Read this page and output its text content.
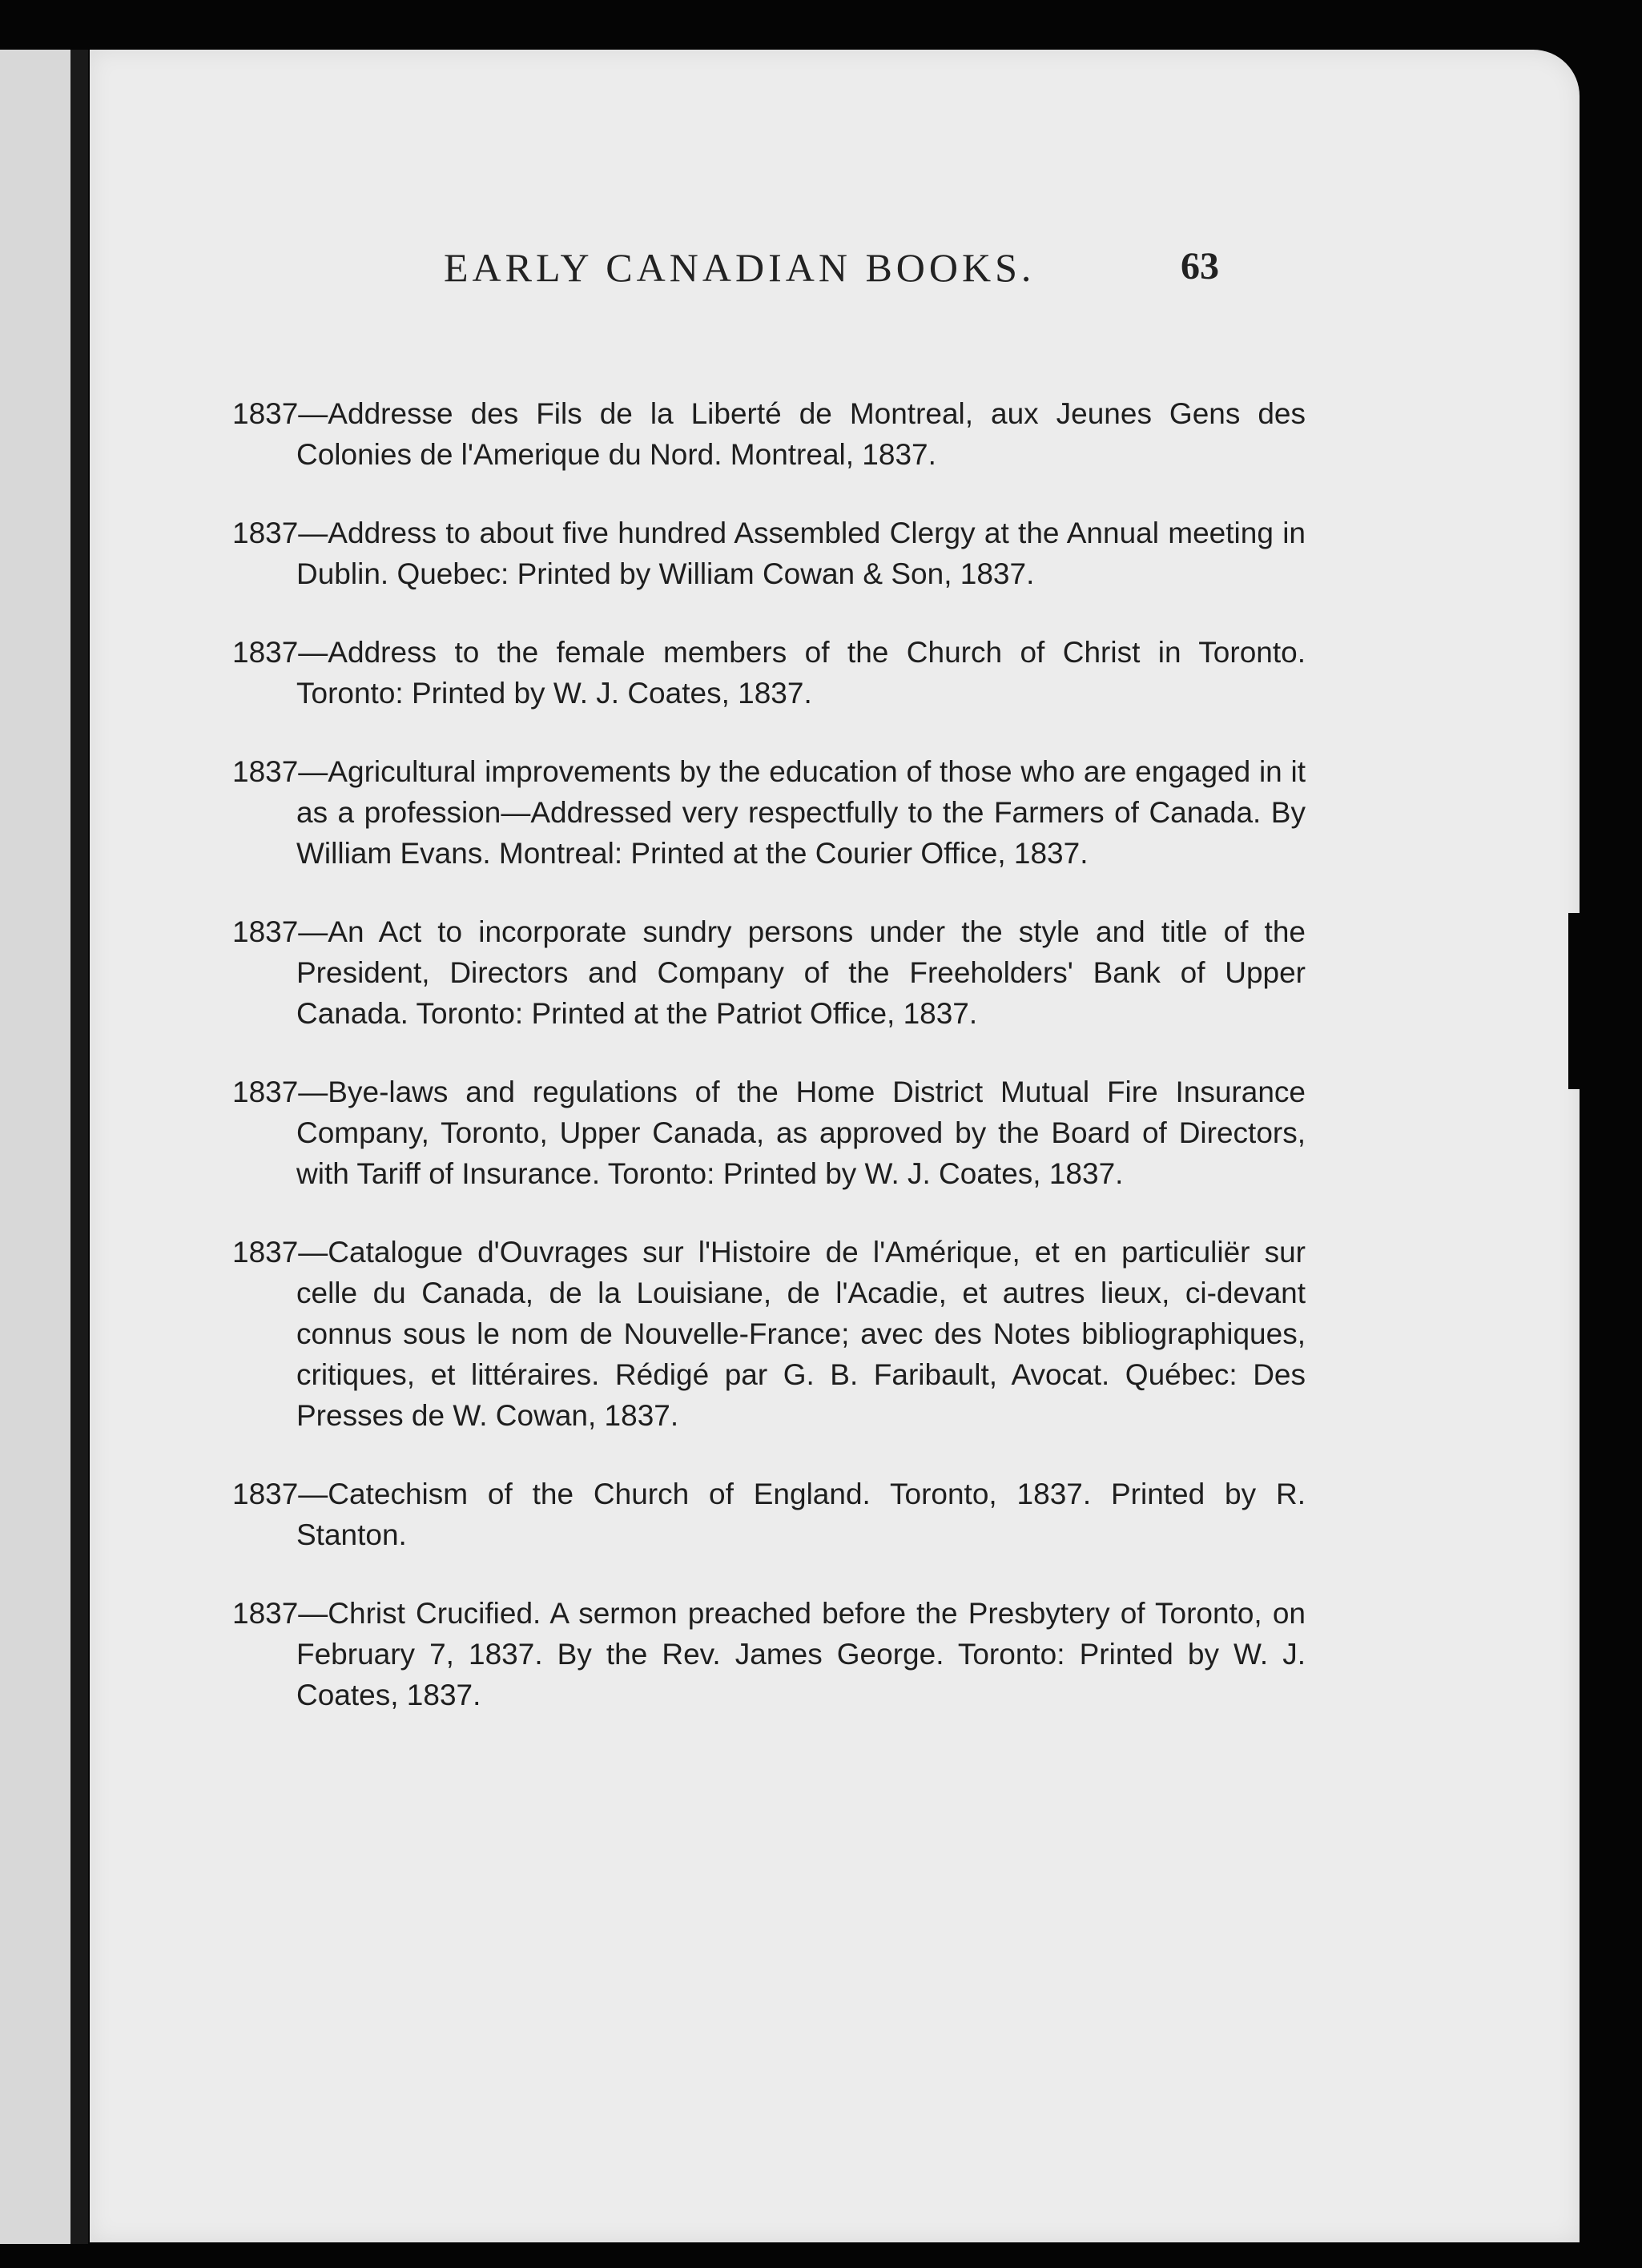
EARLY CANADIAN BOOKS.	63

1837—Addresse des Fils de la Liberté de Montreal, aux Jeunes Gens des Colonies de l'Amerique du Nord. Montreal, 1837.

1837—Address to about five hundred Assembled Clergy at the Annual meeting in Dublin. Quebec: Printed by William Cowan & Son, 1837.

1837—Address to the female members of the Church of Christ in Toronto. Toronto: Printed by W. J. Coates, 1837.

1837—Agricultural improvements by the education of those who are engaged in it as a profession—Addressed very respectfully to the Farmers of Canada. By William Evans. Montreal: Printed at the Courier Office, 1837.

1837—An Act to incorporate sundry persons under the style and title of the President, Directors and Company of the Freeholders' Bank of Upper Canada. Toronto: Printed at the Patriot Office, 1837.

1837—Bye-laws and regulations of the Home District Mutual Fire Insurance Company, Toronto, Upper Canada, as approved by the Board of Directors, with Tariff of Insurance. Toronto: Printed by W. J. Coates, 1837.

1837—Catalogue d'Ouvrages sur l'Histoire de l'Amérique, et en particuliër sur celle du Canada, de la Louisiane, de l'Acadie, et autres lieux, ci-devant connus sous le nom de Nouvelle-France; avec des Notes bibliographiques, critiques, et littéraires. Rédigé par G. B. Faribault, Avocat. Québec: Des Presses de W. Cowan, 1837.

1837—Catechism of the Church of England. Toronto, 1837. Printed by R. Stanton.

1837—Christ Crucified. A sermon preached before the Presbytery of Toronto, on February 7, 1837. By the Rev. James George. Toronto: Printed by W. J. Coates, 1837.
